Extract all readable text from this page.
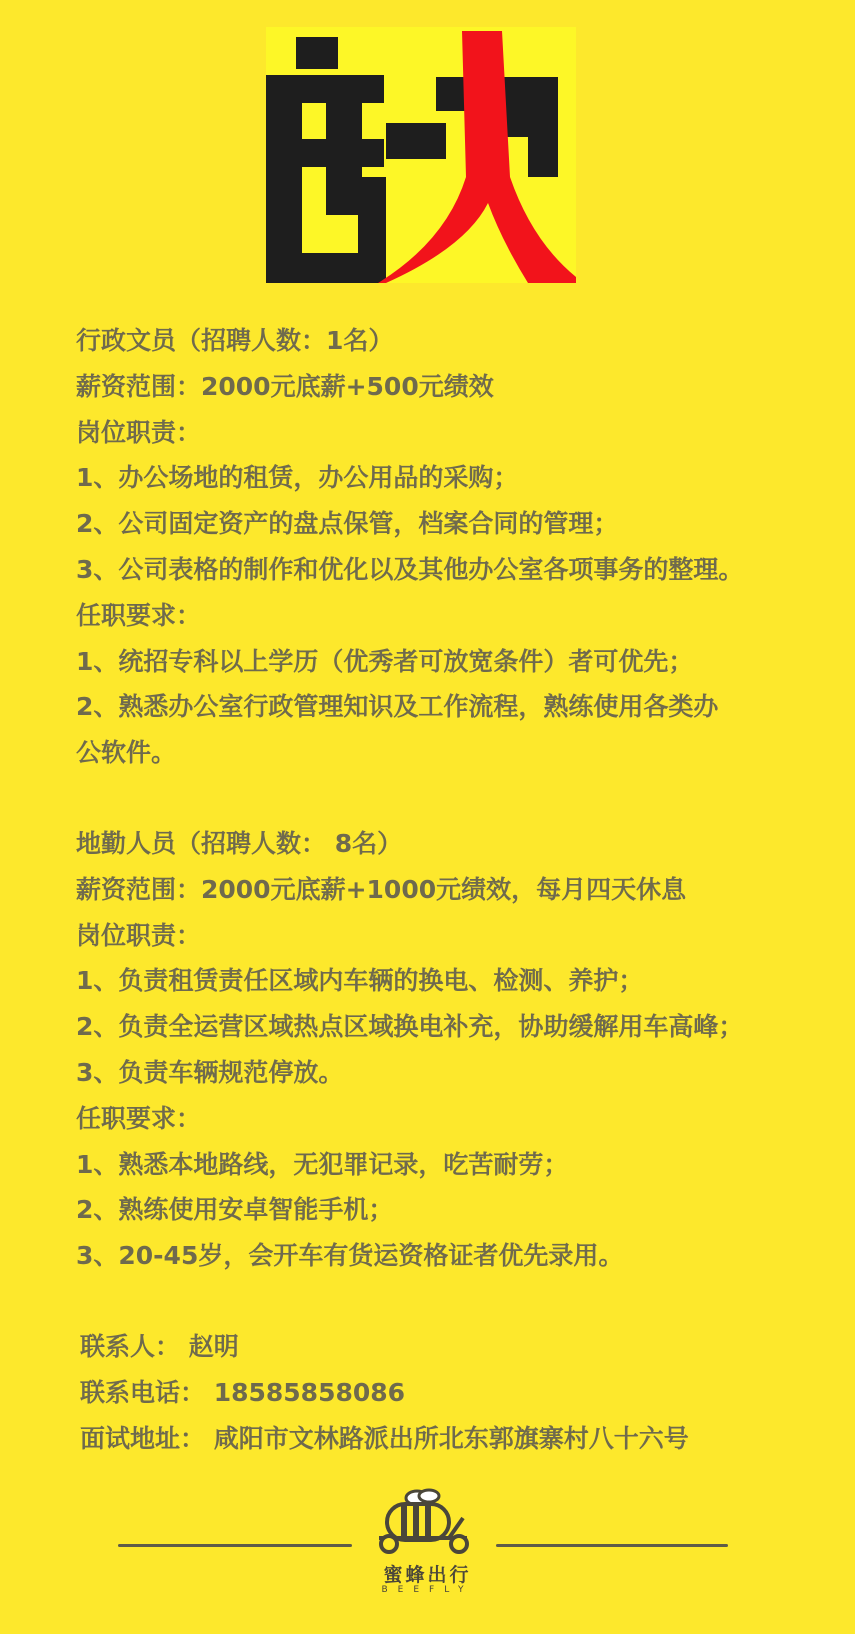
行政文员（招聘人数：1名）
薪资范围：2000元底薪+500元绩效
岗位职责：
1、办公场地的租赁，办公用品的采购；
2、公司固定资产的盘点保管，档案合同的管理；
3、公司表格的制作和优化以及其他办公室各项事务的整理。
任职要求：
1、统招专科以上学历（优秀者可放宽条件）者可优先；
2、熟悉办公室行政管理知识及工作流程，熟练使用各类办
公软件。
地勤人员（招聘人数： 8名）
薪资范围：2000元底薪+1000元绩效，每月四天休息
岗位职责：
1、负责租赁责任区域内车辆的换电、检测、养护；
2、负责全运营区域热点区域换电补充，协助缓解用车高峰；
3、负责车辆规范停放。
任职要求：
1、熟悉本地路线，无犯罪记录，吃苦耐劳；
2、熟练使用安卓智能手机；
3、20-45岁，会开车有货运资格证者优先录用。
联系人： 赵明
联系电话： 18585858086
面试地址： 咸阳市文林路派出所北东郭旗寨村八十六号
蜜蜂出行
BEEFLY
